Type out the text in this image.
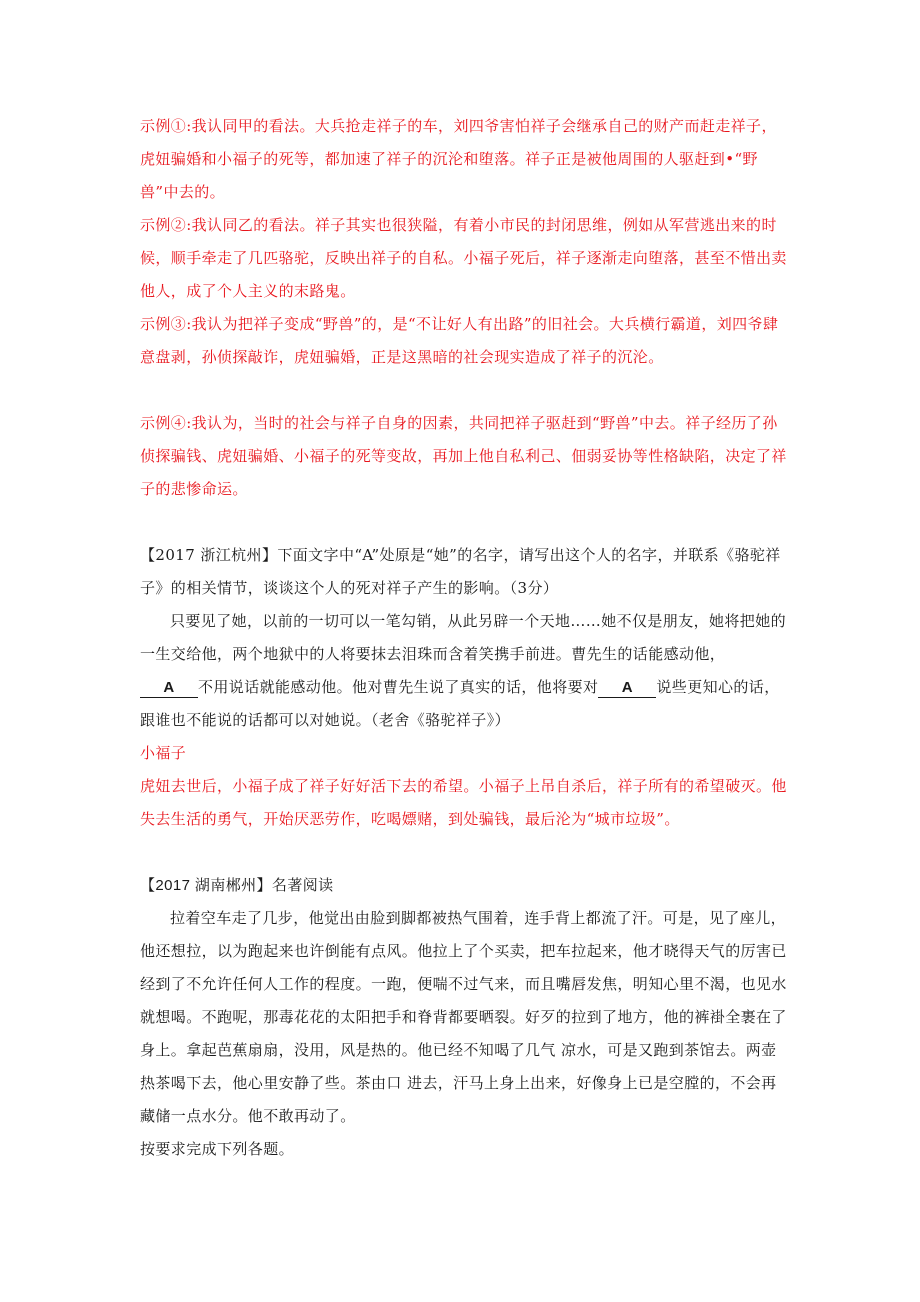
示例①:我认同甲的看法。大兵抢走祥子的车，刘四爷害怕祥子会继承自己的财产而赶走祥子，虎妞骗婚和小福子的死等，都加速了祥子的沉沦和堕落。祥子正是被他周围的人驱赶到•“野兽”中去的。

示例②:我认同乙的看法。祥子其实也很狭隘，有着小市民的封闭思维，例如从军营逃出来的时候，顺手牵走了几匹骆驼，反映出祥子的自私。小福子死后，祥子逐渐走向堕落，甚至不惜出卖他人，成了个人主义的末路鬼。

示例③:我认为把祥子变成“野兽”的，是“不让好人有出路”的旧社会。大兵横行霸道，刘四爷肆意盘剥，孙侦探敲诈，虎妞骗婚，正是这黑暗的社会现实造成了祥子的沉沦。

示例④:我认为，当时的社会与祥子自身的因素，共同把祥子驱赶到“野兽”中去。祥子经历了孙侦探骗钱、虎妞骗婚、小福子的死等变故，再加上他自私利己、佃弱妥协等性格缺陷，决定了祥子的悲惨命运。

【2017 浙江杭州】下面文字中“A”处原是“她”的名字，请写出这个人的名字，并联系《骆驼祥子》的相关情节，谈谈这个人的死对祥子产生的影响。（3分）

只要见了她，以前的一切可以一笔勾销，从此另辟一个天地……她不仅是朋友，她将把她的一生交给他，两个地狱中的人将要抹去泪珠而含着笑携手前进。曹先生的话能感动他，

A 不用说话就能感动他。他对曹先生说了真实的话，他将要对 A 说些更知心的话，跟谁也不能说的话都可以对她说。（老舍《骆驼祥子》）

小福子

虎妞去世后，小福子成了祥子好好活下去的希望。小福子上吊自杀后，祥子所有的希望破灭。他失去生活的勇气，开始厌恶劳作，吃喝嫖赌，到处骗钱，最后沦为“城市垃圾”。

【2017 湖南郴州】名著阅读

拉着空车走了几步，他觉出由脸到脚都被热气围着，连手背上都流了汗。可是，见了座儿，他还想拉，以为跑起来也许倒能有点风。他拉上了个买卖，把车拉起来，他才晓得天气的厉害已经到了不允许任何人工作的程度。一跑，便喘不过气来，而且嘴唇发焦，明知心里不渴，也见水就想喝。不跑呢，那毒花花的太阳把手和脊背都要晒裂。好歹的拉到了地方，他的裤褂全裹在了身上。拿起芭蕉扇扇，没用，风是热的。他已经不知喝了几气 凉水，可是又跑到茶馆去。两壶热茶喝下去，他心里安静了些。茶由口 进去，汗马上身上出来，好像身上已是空膛的，不会再藏储一点水分。他不敢再动了。

按要求完成下列各题。
